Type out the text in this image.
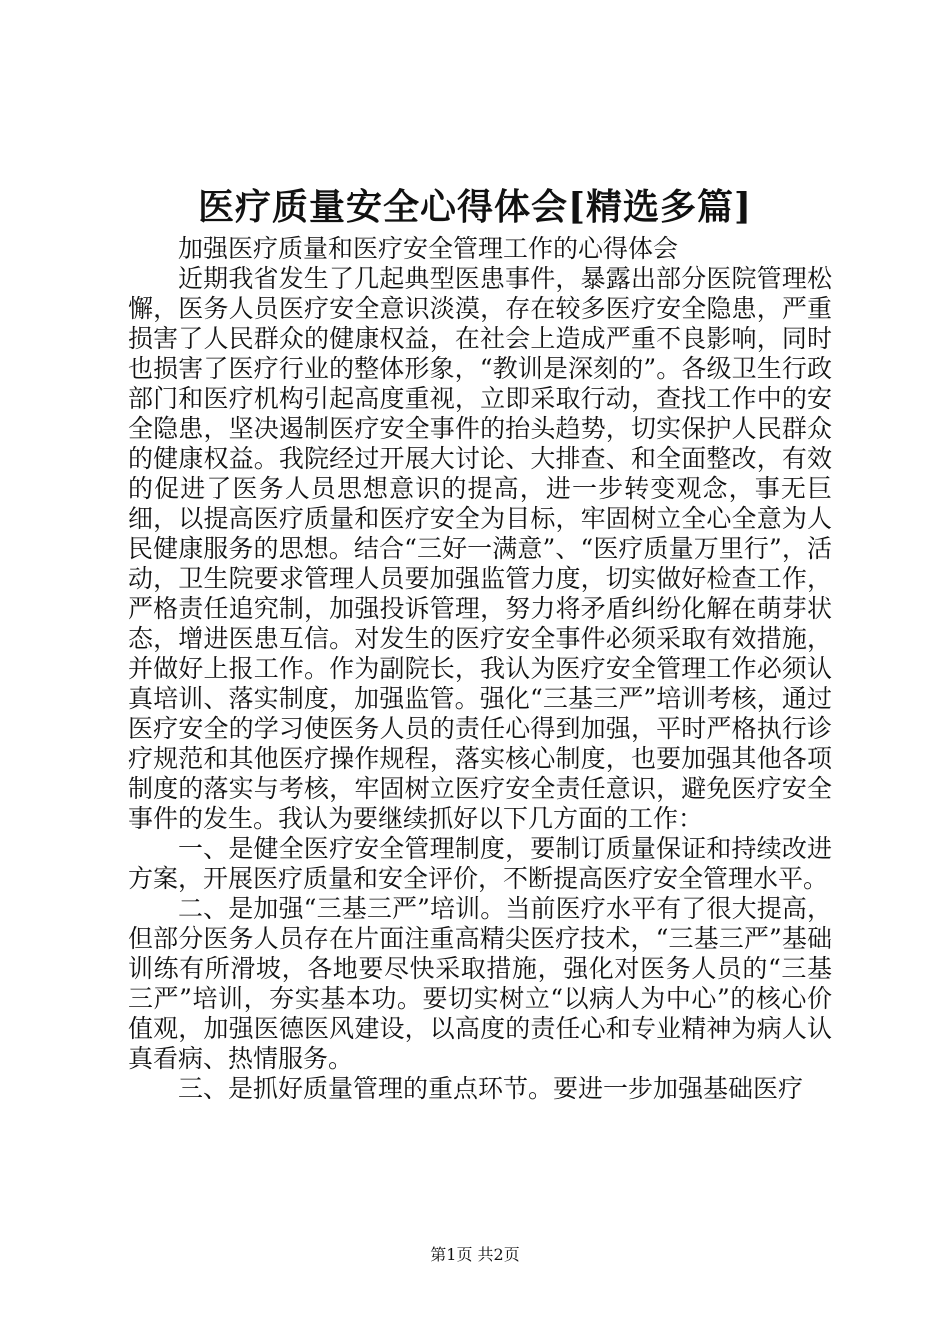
医疗质量安全心得体会[精选多篇]

加强医疗质量和医疗安全管理工作的心得体会

近期我省发生了几起典型医患事件，暴露出部分医院管理松懈，医务人员医疗安全意识淡漠，存在较多医疗安全隐患，严重损害了人民群众的健康权益，在社会上造成严重不良影响，同时也损害了医疗行业的整体形象，“教训是深刻的”。各级卫生行政部门和医疗机构引起高度重视，立即采取行动，查找工作中的安全隐患，坚决遏制医疗安全事件的抬头趋势，切实保护人民群众的健康权益。我院经过开展大讨论、大排查、和全面整改，有效的促进了医务人员思想意识的提高，进一步转变观念，事无巨细，以提高医疗质量和医疗安全为目标，牢固树立全心全意为人民健康服务的思想。结合“三好一满意”、“医疗质量万里行”，活动，卫生院要求管理人员要加强监管力度，切实做好检查工作，严格责任追究制，加强投诉管理，努力将矛盾纠纷化解在萌芽状态，增进医患互信。对发生的医疗安全事件必须采取有效措施，并做好上报工作。作为副院长，我认为医疗安全管理工作必须认真培训、落实制度，加强监管。强化“三基三严”培训考核，通过医疗安全的学习使医务人员的责任心得到加强，平时严格执行诊疗规范和其他医疗操作规程，落实核心制度，也要加强其他各项制度的落实与考核，牢固树立医疗安全责任意识，避免医疗安全事件的发生。我认为要继续抓好以下几方面的工作：

一、是健全医疗安全管理制度，要制订质量保证和持续改进方案，开展医疗质量和安全评价，不断提高医疗安全管理水平。

二、是加强“三基三严”培训。当前医疗水平有了很大提高，但部分医务人员存在片面注重高精尖医疗技术，“三基三严”基础训练有所滑坡，各地要尽快采取措施，强化对医务人员的“三基三严”培训，夯实基本功。要切实树立“以病人为中心”的核心价值观，加强医德医风建设，以高度的责任心和专业精神为病人认真看病、热情服务。

三、是抓好质量管理的重点环节。要进一步加强基础医疗

第1页 共2页
